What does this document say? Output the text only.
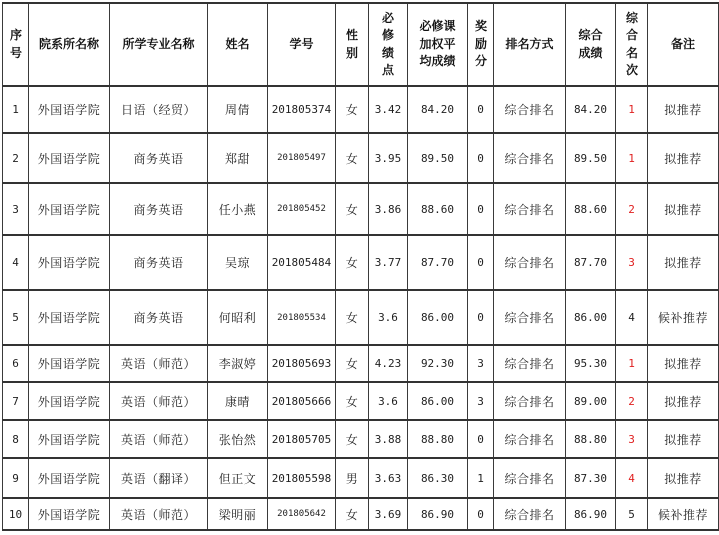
序号	院系所名称	所学专业名称	姓名	学号	性别	必修绩点	必修课加权平均成绩	奖励分	排名方式	综合成绩	综合名次	备注
1	外国语学院	日语（经贸）	周倩	201805374	女	3.42	84.20	0	综合排名	84.20	1	拟推荐
2	外国语学院	商务英语	郑甜	201805497	女	3.95	89.50	0	综合排名	89.50	1	拟推荐
3	外国语学院	商务英语	任小燕	201805452	女	3.86	88.60	0	综合排名	88.60	2	拟推荐
4	外国语学院	商务英语	吴琼	201805484	女	3.77	87.70	0	综合排名	87.70	3	拟推荐
5	外国语学院	商务英语	何昭利	201805534	女	3.6	86.00	0	综合排名	86.00	4	候补推荐
6	外国语学院	英语（师范）	李淑婷	201805693	女	4.23	92.30	3	综合排名	95.30	1	拟推荐
7	外国语学院	英语（师范）	康晴	201805666	女	3.6	86.00	3	综合排名	89.00	2	拟推荐
8	外国语学院	英语（师范）	张怡然	201805705	女	3.88	88.80	0	综合排名	88.80	3	拟推荐
9	外国语学院	英语（翻译）	但正文	201805598	男	3.63	86.30	1	综合排名	87.30	4	拟推荐
10	外国语学院	英语（师范）	梁明丽	201805642	女	3.69	86.90	0	综合排名	86.90	5	候补推荐
